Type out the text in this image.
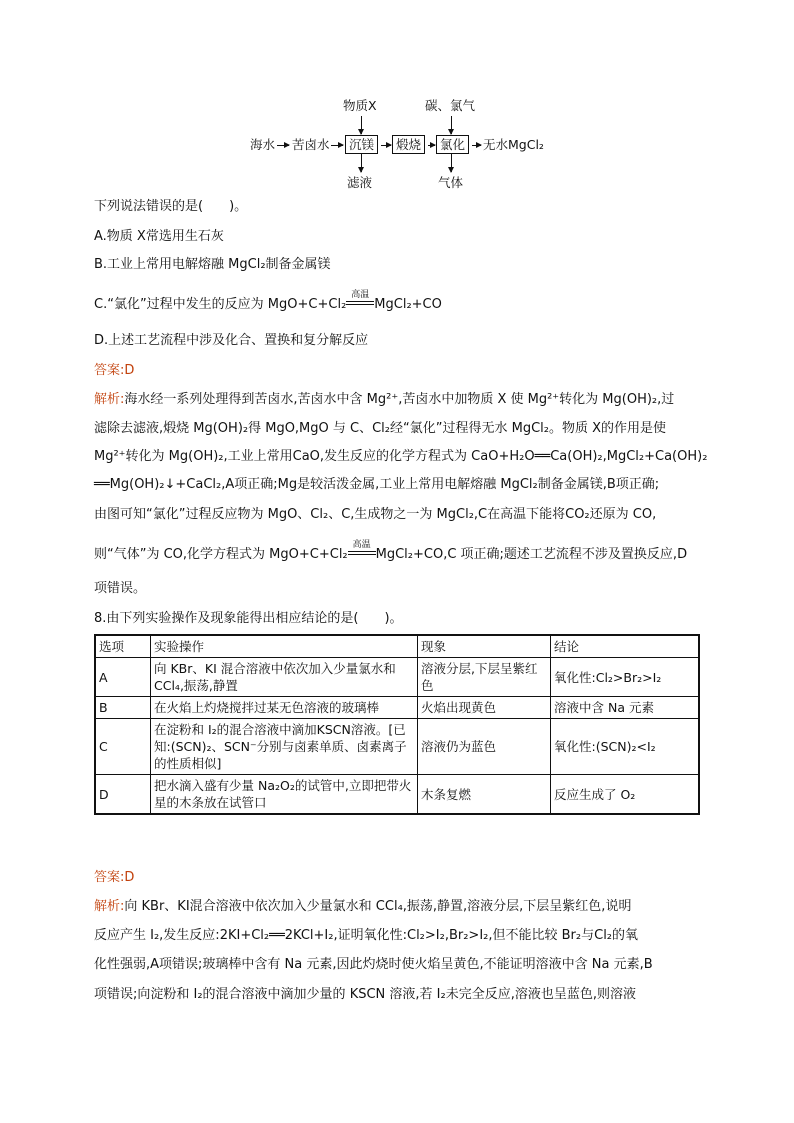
物质X	碳、氯气
海水 苦卤水	沉镁	煅烧	氯化	无水MgCl₂
滤液	气体
下列说法错误的是(　　)。
A.物质 X常选用生石灰
B.工业上常用电解熔融 MgCl₂制备金属镁
C.“氯化”过程中发生的反应为 MgO+C+Cl₂
高温
MgCl₂+CO
D.上述工艺流程中涉及化合、置换和复分解反应
答案:D
解析:海水经一系列处理得到苦卤水,苦卤水中含 Mg²⁺,苦卤水中加物质 X 使 Mg²⁺转化为 Mg(OH)₂,过
滤除去滤液,煅烧 Mg(OH)₂得 MgO,MgO 与 C、Cl₂经“氯化”过程得无水 MgCl₂。物质 X的作用是使
Mg²⁺转化为 Mg(OH)₂,工业上常用CaO,发生反应的化学方程式为 CaO+H₂O══Ca(OH)₂,MgCl₂+Ca(OH)₂
══Mg(OH)₂↓+CaCl₂,A项正确;Mg是较活泼金属,工业上常用电解熔融 MgCl₂制备金属镁,B项正确;
由图可知“氯化”过程反应物为 MgO、Cl₂、C,生成物之一为 MgCl₂,C在高温下能将CO₂还原为 CO,
则“气体”为 CO,化学方程式为 MgO+C+Cl₂
高温
MgCl₂+CO,C 项正确;题述工艺流程不涉及置换反应,D
项错误。
8.由下列实验操作及现象能得出相应结论的是(　　)。
选项	实验操作	现象	结论
A	向 KBr、KI 混合溶液中依次加入少量氯水和 CCl₄,振荡,静置	溶液分层,下层呈紫红色	氧化性:Cl₂>Br₂>I₂
B	在火焰上灼烧搅拌过某无色溶液的玻璃棒	火焰出现黄色	溶液中含 Na 元素
C	在淀粉和 I₂的混合溶液中滴加KSCN溶液。[已知:(SCN)₂、SCN⁻分别与卤素单质、卤素离子的性质相似]	溶液仍为蓝色	氧化性:(SCN)₂<I₂
D	把水滴入盛有少量 Na₂O₂的试管中,立即把带火星的木条放在试管口	木条复燃	反应生成了 O₂
答案:D
解析:向 KBr、KI混合溶液中依次加入少量氯水和 CCl₄,振荡,静置,溶液分层,下层呈紫红色,说明
反应产生 I₂,发生反应:2KI+Cl₂══2KCl+I₂,证明氧化性:Cl₂>I₂,Br₂>I₂,但不能比较 Br₂与Cl₂的氧
化性强弱,A项错误;玻璃棒中含有 Na 元素,因此灼烧时使火焰呈黄色,不能证明溶液中含 Na 元素,B
项错误;向淀粉和 I₂的混合溶液中滴加少量的 KSCN 溶液,若 I₂未完全反应,溶液也呈蓝色,则溶液
